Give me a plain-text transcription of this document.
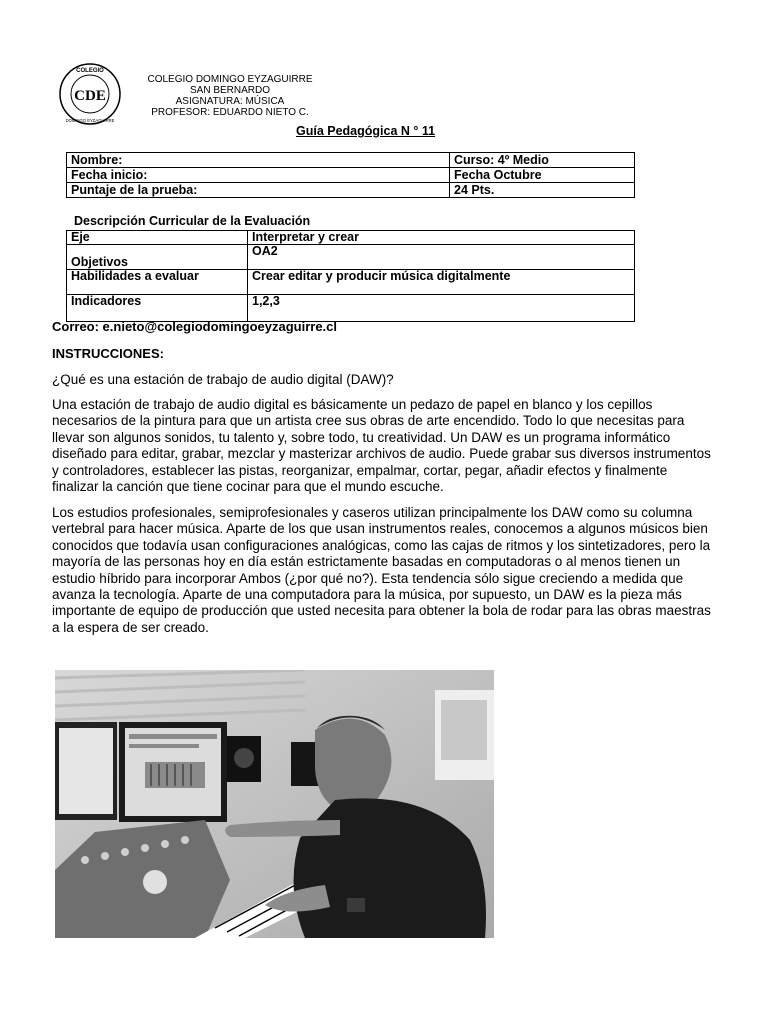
CDE
COLEGIO
DOMINGO EYZAGUIRRE
COLEGIO DOMINGO EYZAGUIRRE
SAN BERNARDO
ASIGNATURA: MÚSICA
PROFESOR: EDUARDO NIETO C.
Guía Pedagógica N ° 11
Nombre:	Curso: 4º Medio
Fecha inicio:	Fecha Octubre
Puntaje de la prueba:	24 Pts.
Descripción Curricular de la Evaluación
Eje	Interpretar y crear
Objetivos	OA2
Habilidades a evaluar	Crear editar y producir música digitalmente
Indicadores	1,2,3
Correo: e.nieto@colegiodomingoeyzaguirre.cl
INSTRUCCIONES:
¿Qué es una estación de trabajo de audio digital (DAW)?

Una estación de trabajo de audio digital es básicamente un pedazo de papel en blanco y los cepillos necesarios de la pintura para que un artista cree sus obras de arte encendido. Todo lo que necesitas para llevar son algunos sonidos, tu talento y, sobre todo, tu creatividad. Un DAW es un programa informático diseñado para editar, grabar, mezclar y masterizar archivos de audio. Puede grabar sus diversos instrumentos y controladores, establecer las pistas, reorganizar, empalmar, cortar, pegar, añadir efectos y finalmente finalizar la canción que tiene cocinar para que el mundo escuche.

Los estudios profesionales, semiprofesionales y caseros utilizan principalmente los DAW como su columna vertebral para hacer música. Aparte de los que usan instrumentos reales, conocemos a algunos músicos bien conocidos que todavía usan configuraciones analógicas, como las cajas de ritmos y los sintetizadores, pero la mayoría de las personas hoy en día están estrictamente basadas en computadoras o al menos tienen un estudio híbrido para incorporar Ambos (¿por qué no?). Esta tendencia sólo sigue creciendo a medida que avanza la tecnología. Aparte de una computadora para la música, por supuesto, un DAW es la pieza más importante de equipo de producción que usted necesita para obtener la bola de rodar para las obras maestras a la espera de ser creado.
